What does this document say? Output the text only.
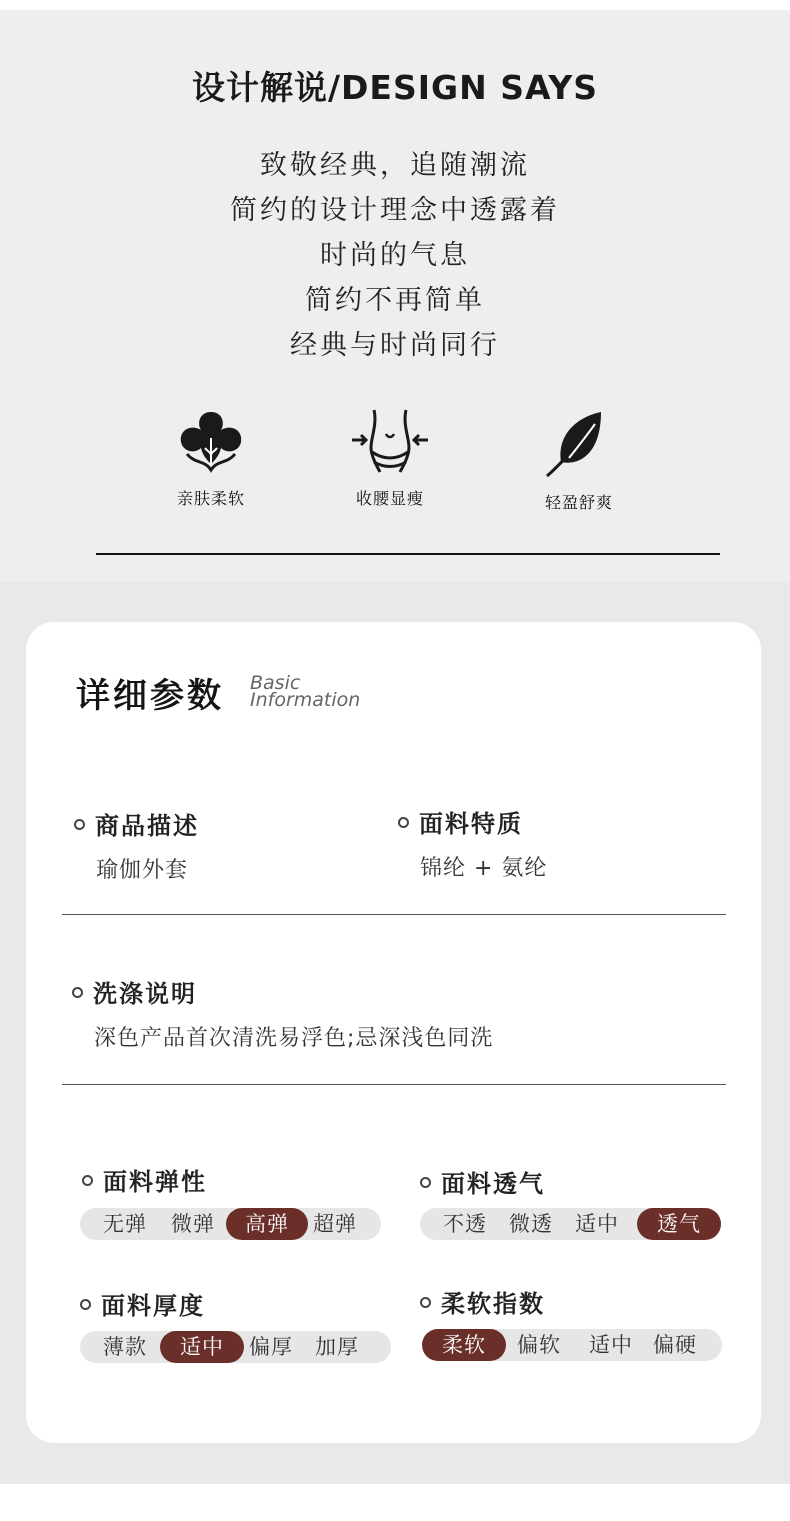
设计解说/DESIGN SAYS
致敬经典，追随潮流
简约的设计理念中透露着
时尚的气息
简约不再简单
经典与时尚同行
亲肤柔软	收腰显瘦	轻盈舒爽
详细参数 Basic
Information
商品描述
瑜伽外套
面料特质
锦纶 + 氨纶
洗涤说明
深色产品首次清洗易浮色;忌深浅色同洗
面料弹性
无弹	微弹	高弹	超弹
面料透气
不透	微透	适中	透气
面料厚度
薄款	适中	偏厚	加厚
柔软指数
柔软	偏软	适中 偏硬
